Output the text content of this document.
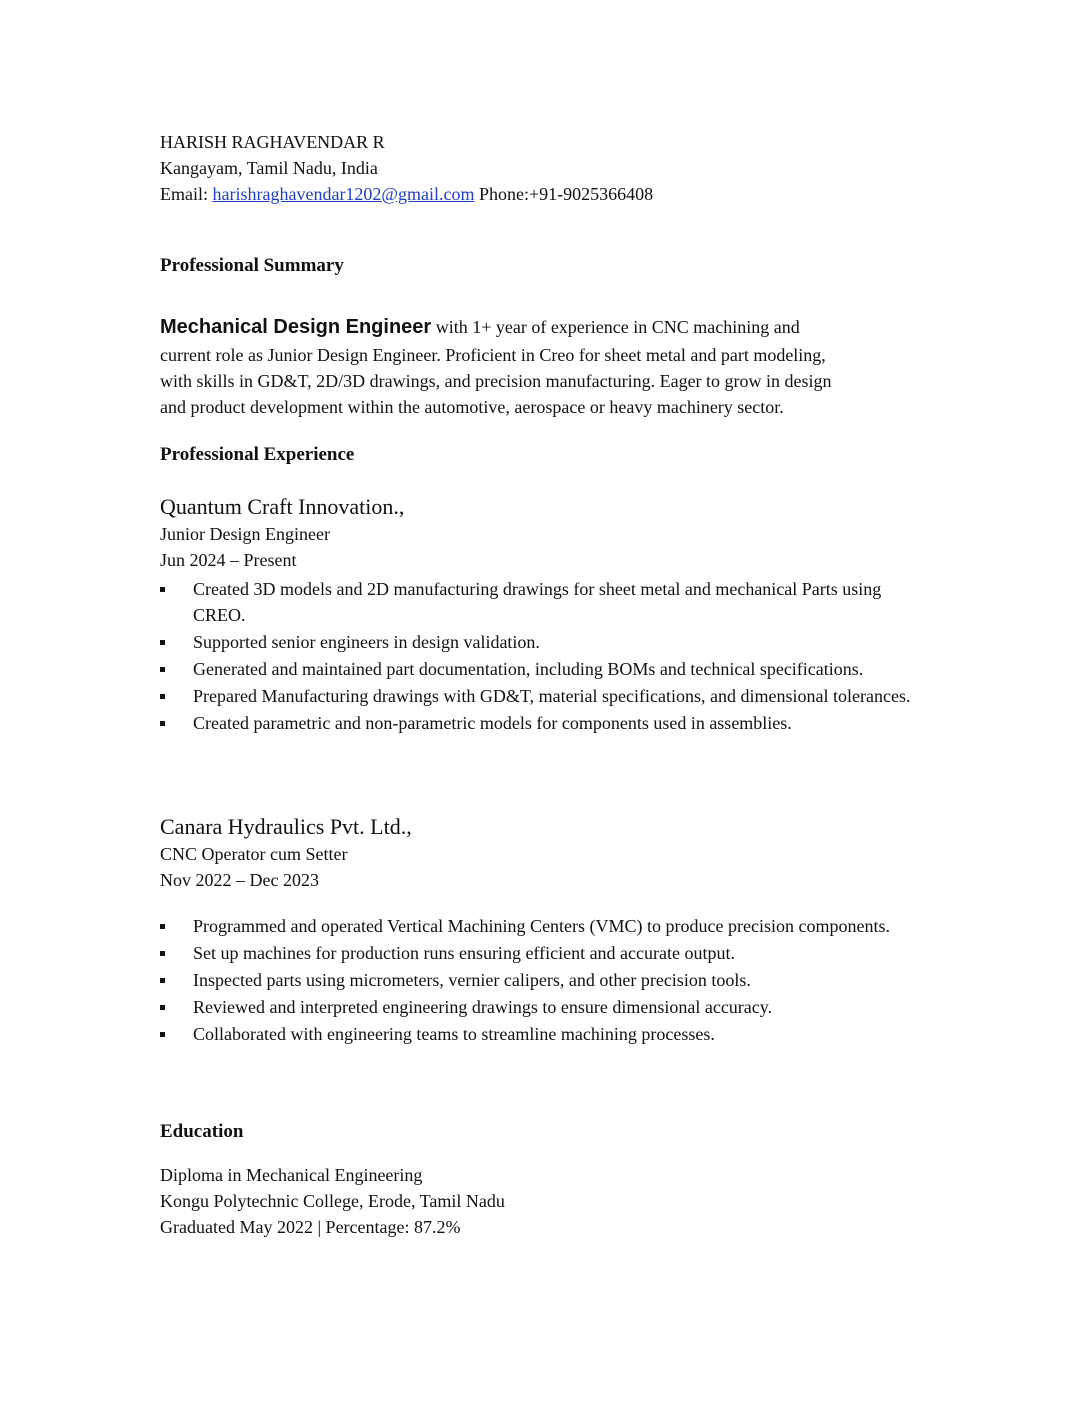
HARISH RAGHAVENDAR R
Kangayam, Tamil Nadu, India
Email: harishraghavendar1202@gmail.com Phone:+91-9025366408
Professional Summary
Mechanical Design Engineer with 1+ year of experience in CNC machining and
current role as Junior Design Engineer. Proficient in Creo for sheet metal and part modeling,
with skills in GD&T, 2D/3D drawings, and precision manufacturing. Eager to grow in design
and product development within the automotive, aerospace or heavy machinery sector.
Professional Experience
Quantum Craft Innovation.,
Junior Design Engineer
Jun 2024 – Present
Created 3D models and 2D manufacturing drawings for sheet metal and mechanical Parts using CREO.
Supported senior engineers in design validation.
Generated and maintained part documentation, including BOMs and technical specifications.
Prepared Manufacturing drawings with GD&T, material specifications, and dimensional tolerances.
Created parametric and non-parametric models for components used in assemblies.
Canara Hydraulics Pvt. Ltd.,
CNC Operator cum Setter
Nov 2022 – Dec 2023
Programmed and operated Vertical Machining Centers (VMC) to produce precision components.
Set up machines for production runs ensuring efficient and accurate output.
Inspected parts using micrometers, vernier calipers, and other precision tools.
Reviewed and interpreted engineering drawings to ensure dimensional accuracy.
Collaborated with engineering teams to streamline machining processes.
Education
Diploma in Mechanical Engineering
Kongu Polytechnic College, Erode, Tamil Nadu
Graduated May 2022 | Percentage: 87.2%
